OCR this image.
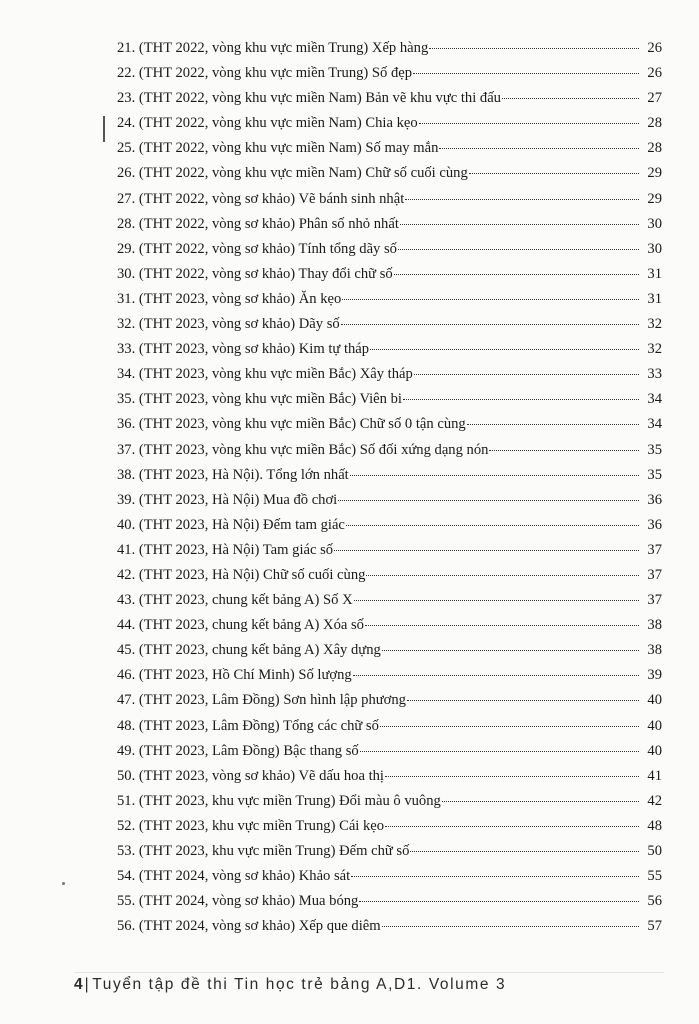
21. (THT 2022, vòng khu vực miền Trung) Xếp hàng	26
22. (THT 2022, vòng khu vực miền Trung) Số đẹp	26
23. (THT 2022, vòng khu vực miền Nam) Bản vẽ khu vực thi đấu	27
24. (THT 2022, vòng khu vực miền Nam) Chia kẹo	28
25. (THT 2022, vòng khu vực miền Nam) Số may mắn	28
26. (THT 2022, vòng khu vực miền Nam) Chữ số cuối cùng	29
27. (THT 2022, vòng sơ khảo) Vẽ bánh sinh nhật	29
28. (THT 2022, vòng sơ khảo) Phân số nhỏ nhất	30
29. (THT 2022, vòng sơ khảo) Tính tổng dãy số	30
30. (THT 2022, vòng sơ khảo) Thay đổi chữ số	31
31. (THT 2023, vòng sơ khảo) Ăn kẹo	31
32. (THT 2023, vòng sơ khảo) Dãy số	32
33. (THT 2023, vòng sơ khảo) Kim tự tháp	32
34. (THT 2023, vòng khu vực miền Bắc) Xây tháp	33
35. (THT 2023, vòng khu vực miền Bắc) Viên bi	34
36. (THT 2023, vòng khu vực miền Bắc) Chữ số 0 tận cùng	34
37. (THT 2023, vòng khu vực miền Bắc) Số đối xứng dạng nón	35
38. (THT 2023, Hà Nội). Tổng lớn nhất	35
39. (THT 2023, Hà Nội) Mua đồ chơi	36
40. (THT 2023, Hà Nội) Đếm tam giác	36
41. (THT 2023, Hà Nội) Tam giác số	37
42. (THT 2023, Hà Nội) Chữ số cuối cùng	37
43. (THT 2023, chung kết bảng A) Số X	37
44. (THT 2023, chung kết bảng A) Xóa số	38
45. (THT 2023, chung kết bảng A) Xây dựng	38
46. (THT 2023, Hồ Chí Minh) Số lượng	39
47. (THT 2023, Lâm Đồng) Sơn hình lập phương	40
48. (THT 2023, Lâm Đồng) Tổng các chữ số	40
49. (THT 2023, Lâm Đồng) Bậc thang số	40
50. (THT 2023, vòng sơ khảo) Vẽ dấu hoa thị	41
51. (THT 2023, khu vực miền Trung) Đổi màu ô vuông	42
52. (THT 2023, khu vực miền Trung) Cái kẹo	48
53. (THT 2023, khu vực miền Trung) Đếm chữ số	50
54. (THT 2024, vòng sơ khảo) Khảo sát	55
55. (THT 2024, vòng sơ khảo) Mua bóng	56
56. (THT 2024, vòng sơ khảo) Xếp que diêm	57
4 | Tuyển tập đề thi Tin học trẻ bảng A,D1. Volume 3
